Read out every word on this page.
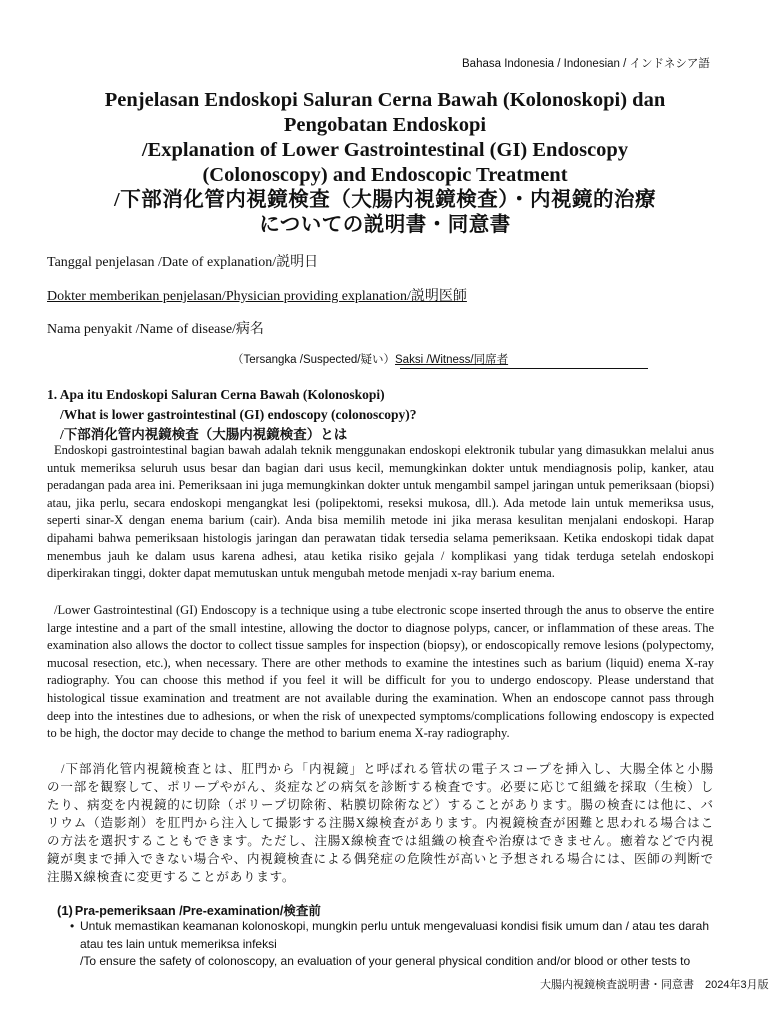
Bahasa Indonesia / Indonesian / インドネシア語
Penjelasan Endoskopi Saluran Cerna Bawah (Kolonoskopi) dan
Pengobatan Endoskopi
/Explanation of Lower Gastrointestinal (GI) Endoscopy
(Colonoscopy) and Endoscopic Treatment
/下部消化管内視鏡検査（大腸内視鏡検査）・内視鏡的治療
についての説明書・同意書
Tanggal penjelasan /Date of explanation/説明日
Dokter memberikan penjelasan/Physician providing explanation/説明医師
Nama penyakit /Name of disease/病名
（Tersangka /Suspected/疑い）Saksi /Witness/同席者
1. Apa itu Endoskopi Saluran Cerna Bawah (Kolonoskopi)
/What is lower gastrointestinal (GI) endoscopy (colonoscopy)?
/下部消化管内視鏡検査（大腸内視鏡検査）とは
Endoskopi gastrointestinal bagian bawah adalah teknik menggunakan endoskopi elektronik tubular yang dimasukkan melalui anus untuk memeriksa seluruh usus besar dan bagian dari usus kecil, memungkinkan dokter untuk mendiagnosis polip, kanker, atau peradangan pada area ini. Pemeriksaan ini juga memungkinkan dokter untuk mengambil sampel jaringan untuk pemeriksaan (biopsi) atau, jika perlu, secara endoskopi mengangkat lesi (polipektomi, reseksi mukosa, dll.). Ada metode lain untuk memeriksa usus, seperti sinar-X dengan enema barium (cair). Anda bisa memilih metode ini jika merasa kesulitan menjalani endoskopi. Harap dipahami bahwa pemeriksaan histologis jaringan dan perawatan tidak tersedia selama pemeriksaan. Ketika endoskopi tidak dapat menembus jauh ke dalam usus karena adhesi, atau ketika risiko gejala / komplikasi yang tidak terduga setelah endoskopi diperkirakan tinggi, dokter dapat memutuskan untuk mengubah metode menjadi x-ray barium enema.
/Lower Gastrointestinal (GI) Endoscopy is a technique using a tube electronic scope inserted through the anus to observe the entire large intestine and a part of the small intestine, allowing the doctor to diagnose polyps, cancer, or inflammation of these areas. The examination also allows the doctor to collect tissue samples for inspection (biopsy), or endoscopically remove lesions (polypectomy, mucosal resection, etc.), when necessary. There are other methods to examine the intestines such as barium (liquid) enema X-ray radiography. You can choose this method if you feel it will be difficult for you to undergo endoscopy. Please understand that histological tissue examination and treatment are not available during the examination. When an endoscope cannot pass through deep into the intestines due to adhesions, or when the risk of unexpected symptoms/complications following endoscopy is expected to be high, the doctor may decide to change the method to barium enema X-ray radiography.
/下部消化管内視鏡検査とは、肛門から「内視鏡」と呼ばれる管状の電子スコープを挿入し、大腸全体と小腸の一部を観察して、ポリープやがん、炎症などの病気を診断する検査です。必要に応じて組織を採取（生検）したり、病変を内視鏡的に切除（ポリープ切除術、粘膜切除術など）することがあります。腸の検査には他に、バリウム（造影剤）を肛門から注入して撮影する注腸X線検査があります。内視鏡検査が困難と思われる場合はこの方法を選択することもできます。ただし、注腸X線検査では組織の検査や治療はできません。癒着などで内視鏡が奥まで挿入できない場合や、内視鏡検査による偶発症の危険性が高いと予想される場合には、医師の判断で注腸X線検査に変更することがあります。
(1) Pra-pemeriksaan /Pre-examination/検査前
• Untuk memastikan keamanan kolonoskopi, mungkin perlu untuk mengevaluasi kondisi fisik umum dan / atau tes darah atau tes lain untuk memeriksa infeksi
/To ensure the safety of colonoscopy, an evaluation of your general physical condition and/or blood or other tests to
大腸内視鏡検査説明書・同意書　2024年3月版
